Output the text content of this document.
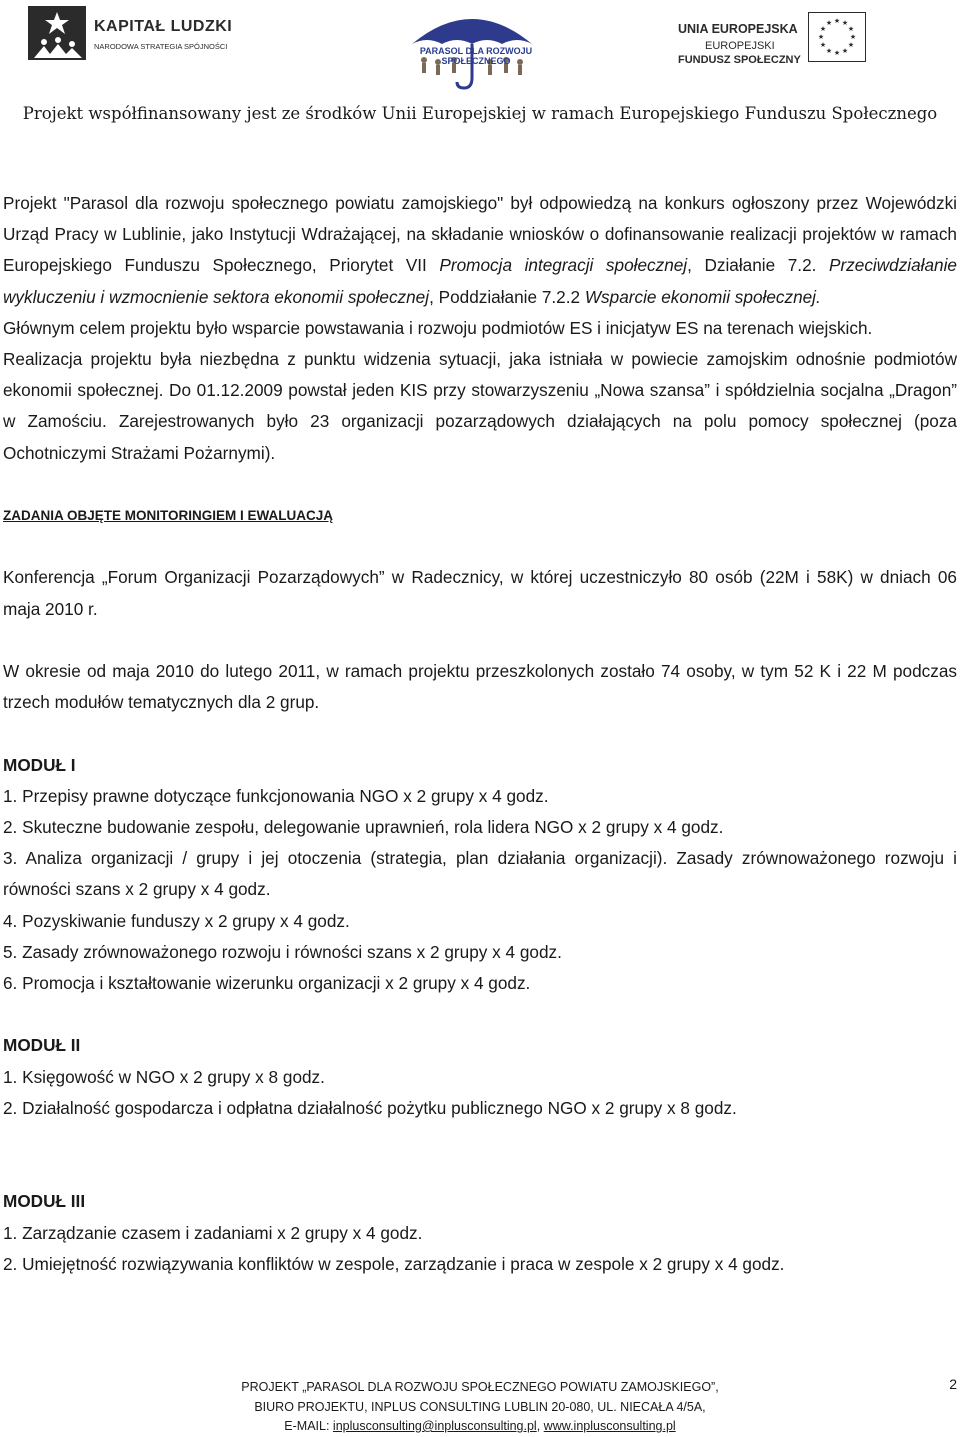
KAPITAŁ LUDZKI
NARODOWA STRATEGIA SPÓJNOŚCI	PARASOL DLA ROZWOJU
SPOŁECZNEGO
UNIA EUROPEJSKA
EUROPEJSKI
FUNDUSZ SPOŁECZNY
★ ★
★
★
★
★
★
★
★
★
★
★
Projekt współfinansowany jest ze środków Unii Europejskiej w ramach Europejskiego Funduszu Społecznego

Projekt "Parasol dla rozwoju społecznego powiatu zamojskiego" był odpowiedzą na konkurs ogłoszony przez Wojewódzki Urząd Pracy w Lublinie, jako Instytucji Wdrażającej, na składanie wniosków o dofinansowanie realizacji projektów w ramach Europejskiego Funduszu Społecznego, Priorytet VII Promocja integracji społecznej, Działanie 7.2. Przeciwdziałanie wykluczeniu i wzmocnienie sektora ekonomii społecznej, Poddziałanie 7.2.2 Wsparcie ekonomii społecznej.

Głównym celem projektu było wsparcie powstawania i rozwoju podmiotów ES i inicjatyw ES na terenach wiejskich.

Realizacja projektu była niezbędna z punktu widzenia sytuacji, jaka istniała w powiecie zamojskim odnośnie podmiotów ekonomii społecznej. Do 01.12.2009 powstał jeden KIS przy stowarzyszeniu „Nowa szansa” i spółdzielnia socjalna „Dragon” w Zamościu. Zarejestrowanych było 23 organizacji pozarządowych działających na polu pomocy społecznej (poza Ochotniczymi Strażami Pożarnymi).

ZADANIA OBJĘTE MONITORINGIEM I EWALUACJĄ

Konferencja „Forum Organizacji Pozarządowych” w Radecznicy, w której uczestniczyło 80 osób (22M i 58K) w dniach 06 maja 2010 r.

W okresie od maja 2010 do lutego 2011, w ramach projektu przeszkolonych zostało 74 osoby, w tym 52 K i 22 M podczas trzech modułów tematycznych dla 2 grup.

MODUŁ I

1. Przepisy prawne dotyczące funkcjonowania NGO x 2 grupy x 4 godz.

2. Skuteczne budowanie zespołu, delegowanie uprawnień, rola lidera NGO x 2 grupy x 4 godz.

3. Analiza organizacji / grupy i jej otoczenia (strategia, plan działania organizacji). Zasady zrównoważonego rozwoju i równości szans x 2 grupy x 4 godz.

4. Pozyskiwanie funduszy x 2 grupy x 4 godz.

5. Zasady zrównoważonego rozwoju i równości szans x 2 grupy x 4 godz.

6. Promocja i kształtowanie wizerunku organizacji x 2 grupy x 4 godz.

MODUŁ II

1. Księgowość w NGO x 2 grupy x 8 godz.

2. Działalność gospodarcza i odpłatna działalność pożytku publicznego NGO x 2 grupy x 8 godz.

MODUŁ III

1. Zarządzanie czasem i zadaniami x 2 grupy x 4 godz.

2. Umiejętność rozwiązywania konfliktów w zespole, zarządzanie i praca w zespole x 2 grupy x 4 godz.

PROJEKT „PARASOL DLA ROZWOJU SPOŁECZNEGO POWIATU ZAMOJSKIEGO”,
BIURO PROJEKTU, INPLUS CONSULTING LUBLIN 20-080, UL. NIECAŁA 4/5A,
E-MAIL: inplusconsulting@inplusconsulting.pl, www.inplusconsulting.pl
2
